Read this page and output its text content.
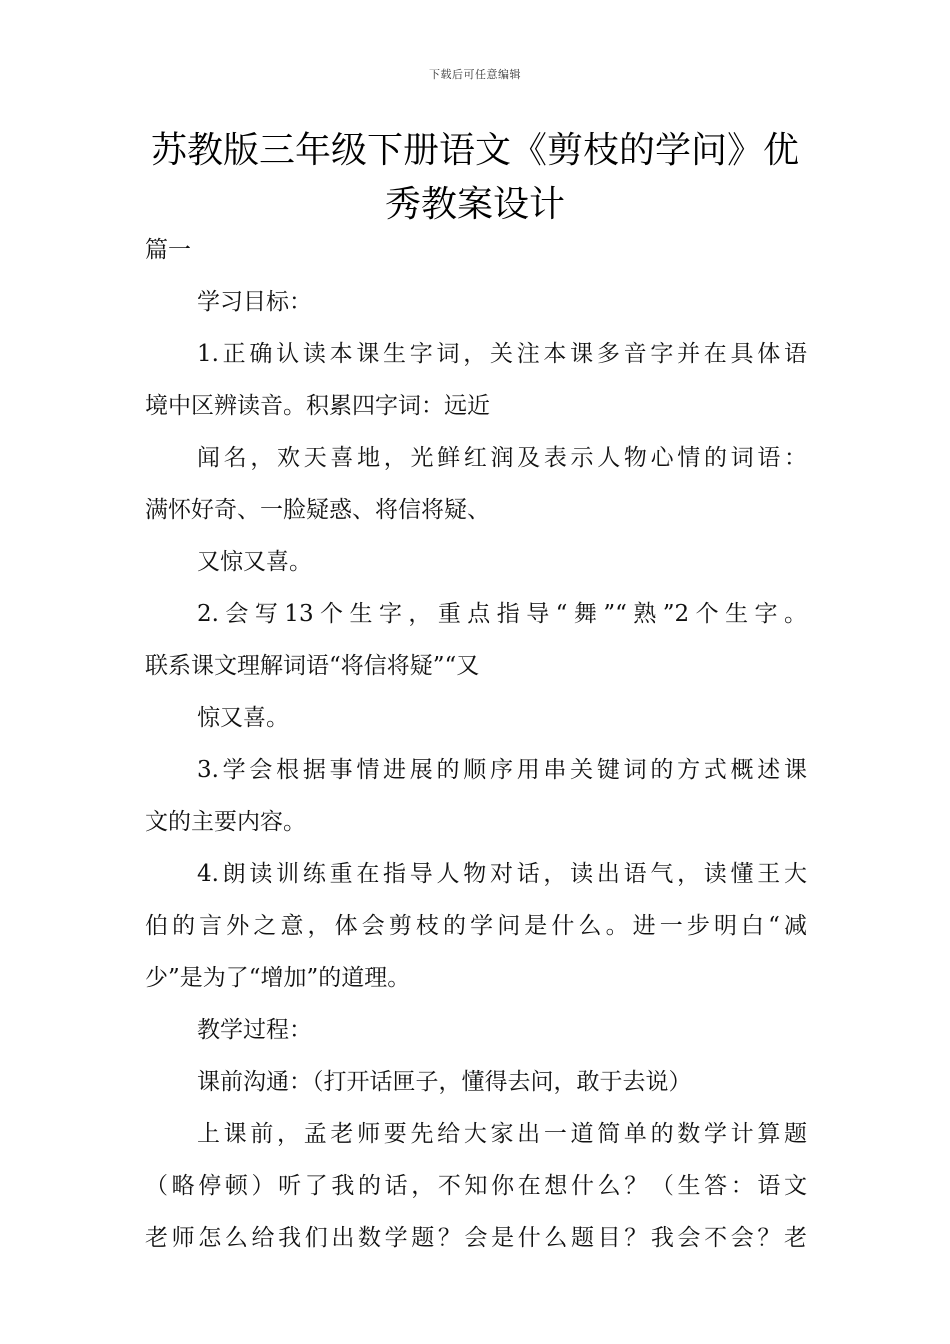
下载后可任意编辑
苏教版三年级下册语文《剪枝的学问》优
秀教案设计
篇一
学习目标：
1.正确认读本课生字词，关注本课多音字并在具体语
境中区辨读音。积累四字词：远近
闻名，欢天喜地，光鲜红润及表示人物心情的词语：
满怀好奇、一脸疑惑、将信将疑、
又惊又喜。
2.会写13个生字，重点指导“舞”“熟”2个生字。
联系课文理解词语“将信将疑”“又
惊又喜。
3.学会根据事情进展的顺序用串关键词的方式概述课
文的主要内容。
4.朗读训练重在指导人物对话，读出语气，读懂王大
伯的言外之意，体会剪枝的学问是什么。进一步明白“减
少”是为了“增加”的道理。
教学过程：
课前沟通：（打开话匣子，懂得去问，敢于去说）
上课前，孟老师要先给大家出一道简单的数学计算题
（略停顿）听了我的话，不知你在想什么？（生答：语文
老师怎么给我们出数学题？会是什么题目？我会不会？老
